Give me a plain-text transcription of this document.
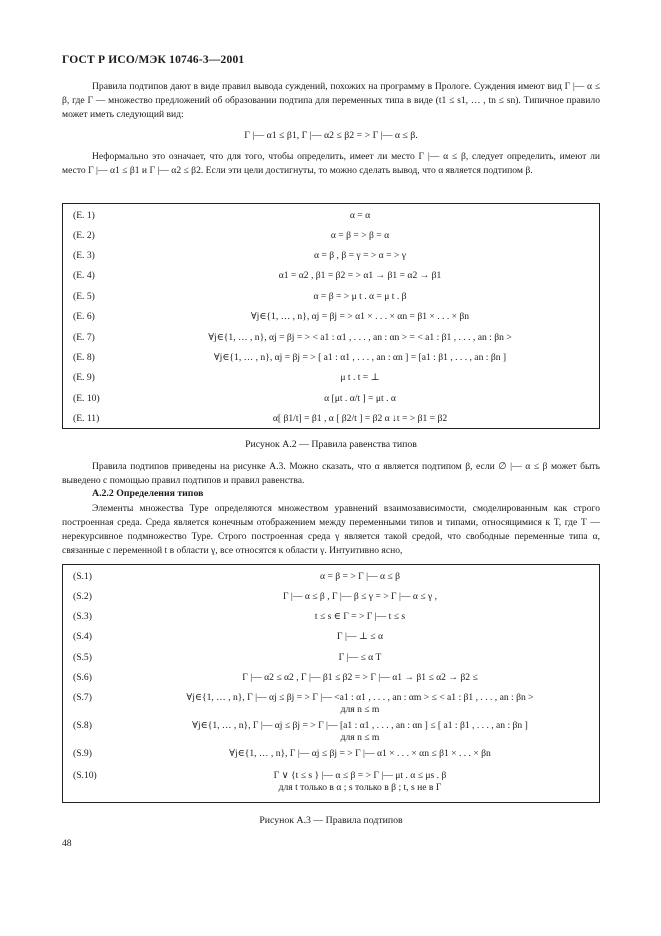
ГОСТ Р ИСО/МЭК 10746-3—2001

Правила подтипов дают в виде правил вывода суждений, похожих на программу в Прологе. Суждения имеют вид Γ |— α ≤ β, где Γ — множество предложений об образовании подтипа для переменных типа в виде (t1 ≤ s1, … , tn ≤ sn). Типичное правило может иметь следующий вид:

Γ |— α1 ≤ β1, Γ |— α2 ≤ β2 = > Γ |— α ≤ β.

Неформально это означает, что для того, чтобы определить, имеет ли место Γ |— α ≤ β, следует определить, имеют ли место Γ |— α1 ≤ β1 и Γ |— α2 ≤ β2. Если эти цели достигнуты, то можно сделать вывод, что α является подтипом β.

(E. 1)	α = α
(E. 2)	α = β = > β = α
(E. 3)	α = β , β = γ = > α = > γ
(E. 4)	α1 = α2 , β1 = β2 = > α1 → β1 = α2 → β1
(E. 5)	α = β = > μ t . α = μ t . β
(E. 6)	∀j∈{1, … , n}, αj = βj = > α1 × . . . × αn = β1 × . . . × βn
(E. 7)	∀j∈{1, … , n}, αj = βj = > < a1 : α1 , . . . , an : αn > = < a1 : β1 , . . . , an : βn >
(E. 8)	∀j∈{1, … , n}, αj = βj = > [ a1 : α1 , . . . , an : αn ] = [a1 : β1 , . . . , an : βn ]
(E. 9)	μ t . t = ⊥
(E. 10)	α [μt . α/t ] = μt . α
(E. 11)	α[ β1/t] = β1 , α [ β2/t ] = β2 α ↓t = > β1 = β2
Рисунок А.2 — Правила равенства типов

Правила подтипов приведены на рисунке А.3. Можно сказать, что α является подтипом β, если ∅ |— α ≤ β может быть выведено с помощью правил подтипов и правил равенства.

А.2.2 Определения типов

Элементы множества Type определяются множеством уравнений взаимозависимости, смоделированным как строго построенная среда. Среда является конечным отображением между переменными типов и типами, относящимися к Т, где Т — нерекурсивное подмножество Type. Строго построенная среда γ является такой средой, что свободные переменные типа α, связанные с переменной t в области γ, все относятся к области γ. Интуитивно ясно,

(S.1)	α = β = > Γ |— α ≤ β
(S.2)	Γ |— α ≤ β , Γ |— β ≤ γ = > Γ |— α ≤ γ ,
(S.3)	t ≤ s ∈ Γ = > Γ |— t ≤ s
(S.4)	Γ |— ⊥ ≤ α
(S.5)	Γ |— ≤ α T
(S.6)	Γ |— α2 ≤ α2 , Γ |— β1 ≤ β2 = > Γ |— α1 → β1 ≤ α2 → β2 ≤
(S.7)	∀j∈{1, … , n}, Γ |— αj ≤ βj = > Γ |— <a1 : α1 , . . . , an : αm > ≤ < a1 : β1 , . . . , an : βn >
для n ≤ m
(S.8)	∀j∈{1, … , n}, Γ |— αj ≤ βj = > Γ |— [a1 : α1 , . . . , an : αn ] ≤ [ a1 : β1 , . . . , an : βn ]
для n ≤ m
(S.9)	∀j∈{1, … , n}, Γ |— αj ≤ βj = > Γ |— α1 × . . . × αn ≤ β1 × . . . × βn
(S.10)	Γ ∨ {t ≤ s } |— α ≤ β = > Γ |— μt . α ≤ μs . β
для t только в α ; s только в β ; t, s не в Γ
Рисунок А.3 — Правила подтипов
48
